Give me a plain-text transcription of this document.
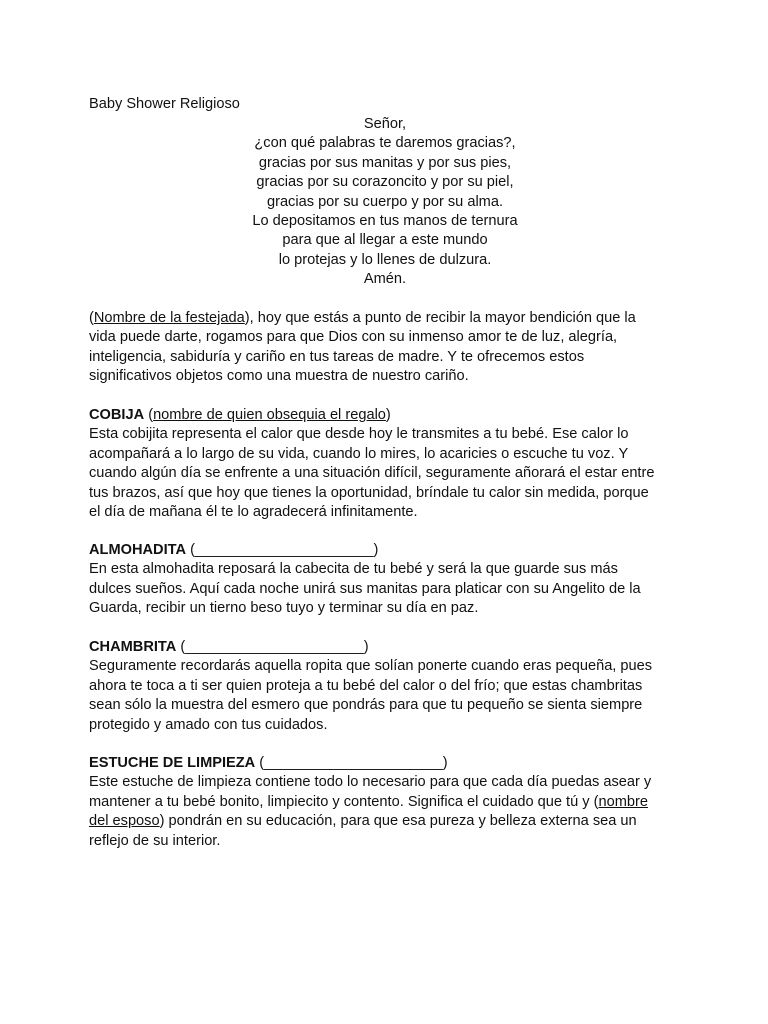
Baby Shower Religioso
Señor,
¿con qué palabras te daremos gracias?,
gracias por sus manitas y por sus pies,
gracias por su corazoncito y por su piel,
gracias por su cuerpo y por su alma.
Lo depositamos en tus manos de ternura
para que al llegar a este mundo
lo protejas y lo llenes de dulzura.
Amén.
(Nombre de la festejada), hoy que estás a punto de recibir la mayor bendición que la
vida puede darte, rogamos para que Dios con su inmenso amor te de luz, alegría,
inteligencia, sabiduría y cariño en tus tareas de madre. Y te ofrecemos estos
significativos objetos como una muestra de nuestro cariño.
COBIJA (nombre de quien obsequia el regalo)
Esta cobijita representa el calor que desde hoy le transmites a tu bebé. Ese calor lo
acompañará a lo largo de su vida, cuando lo mires, lo acaricies o escuche tu voz. Y
cuando algún día se enfrente a una situación difícil, seguramente añorará el estar entre
tus brazos, así que hoy que tienes la oportunidad, bríndale tu calor sin medida, porque
el día de mañana él te lo agradecerá infinitamente.
ALMOHADITA (______________________)
En esta almohadita reposará la cabecita de tu bebé y será la que guarde sus más
dulces sueños. Aquí cada noche unirá sus manitas para platicar con su Angelito de la
Guarda, recibir un tierno beso tuyo y terminar su día en paz.
CHAMBRITA (______________________)
Seguramente recordarás aquella ropita que solían ponerte cuando eras pequeña, pues
ahora te toca a ti ser quien proteja a tu bebé del calor o del frío; que estas chambritas
sean sólo la muestra del esmero que pondrás para que tu pequeño se sienta siempre
protegido y amado con tus cuidados.
ESTUCHE DE LIMPIEZA (______________________)
Este estuche de limpieza contiene todo lo necesario para que cada día puedas asear y
mantener a tu bebé bonito, limpiecito y contento. Significa el cuidado que tú y (nombre
del esposo) pondrán en su educación, para que esa pureza y belleza externa sea un
reflejo de su interior.
